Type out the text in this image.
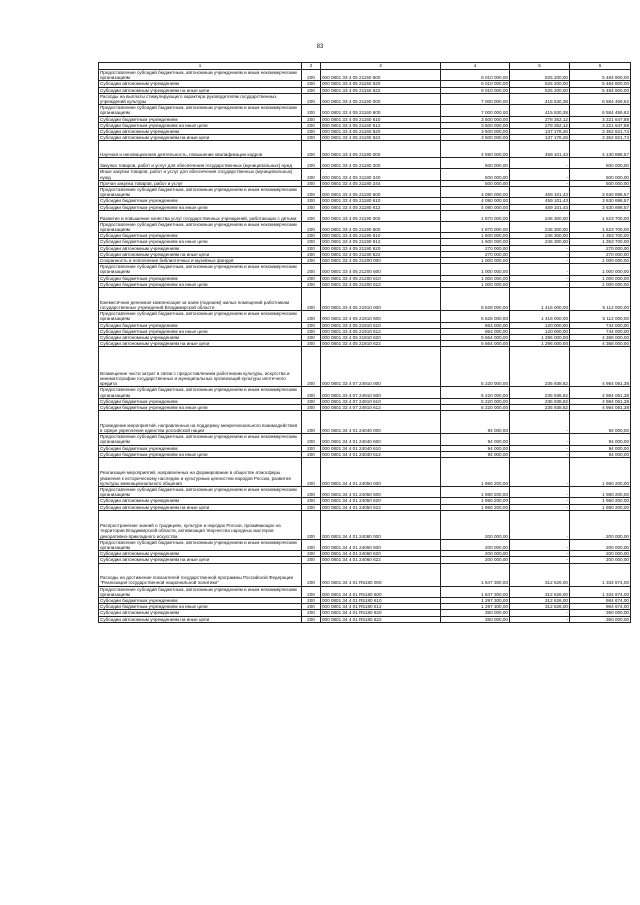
83
1	2	3	4	5	6
Предоставление субсидий бюджетным, автономным учреждениям и иным некоммерческим организациям	200	000 0801 33 4 05 21150 600	6 010 000,00	525 200,00	5 484 800,00
Субсидии автономным учреждениям	200	000 0801 33 4 05 21150 620	6 010 000,00	525 200,00	5 484 800,00
Субсидии автономным учреждениям на иные цели	200	000 0801 33 4 05 21150 622	6 010 000,00	525 200,00	5 484 800,00
Расходы на выплаты стимулирующего характера руководителям государственных учреждений культуры	200	000 0801 33 4 05 21160 000	7 000 000,00	415 530,38	6 584 469,62
Предоставление субсидий бюджетным, автономным учреждениям и иным некоммерческим организациям	200	000 0801 33 4 05 21160 600	7 000 000,00	415 530,38	6 584 469,62
Субсидии бюджетным учреждениям	200	000 0801 33 4 05 21160 610	3 500 000,00	278 352,12	3 221 647,88
Субсидии бюджетным учреждениям на иные цели	200	000 0801 33 4 05 21160 612	3 500 000,00	278 352,12	3 221 647,88
Субсидии автономным учреждениям	200	000 0801 33 4 05 21160 620	3 500 000,00	137 178,26	3 362 821,74
Субсидии автономным учреждениям на иные цели	200	000 0801 33 4 05 21160 622	3 500 000,00	137 178,26	3 362 821,74
Научная и инновационная деятельность, повышение квалификации кадров	200	000 0801 33 4 05 21180 000	4 590 000,00	459 101,43	4 130 898,57
Закупка товаров, работ и услуг для обеспечения государственных (муниципальных) нужд	200	000 0801 33 4 05 21180 200	500 000,00	-	500 000,00
Иные закупки товаров, работ и услуг для обеспечения государственных (муниципальных) нужд	200	000 0801 33 4 05 21180 240	500 000,00	-	500 000,00
Прочая закупка товаров, работ и услуг	200	000 0801 33 4 05 21180 244	500 000,00	-	500 000,00
Предоставление субсидий бюджетным, автономным учреждениям и иным некоммерческим организациям	200	000 0801 33 4 05 21180 600	4 090 000,00	459 101,43	3 630 898,57
Субсидии бюджетным учреждениям	200	000 0801 33 4 05 21180 610	4 090 000,00	459 101,43	3 630 898,57
Субсидии бюджетным учреждениям на иные цели	200	000 0801 33 4 05 21180 612	4 090 000,00	459 101,43	3 630 898,57
Развитие и повышение качества услуг государственных учреждений, работающих с детьми	200	000 0801 33 4 05 21190 000	1 870 000,00	246 300,00	1 623 700,00
Предоставление субсидий бюджетным, автономным учреждениям и иным некоммерческим организациям	200	000 0801 33 4 05 21190 600	1 870 000,00	246 300,00	1 623 700,00
Субсидии бюджетным учреждениям	200	000 0801 33 4 05 21190 610	1 600 000,00	246 300,00	1 353 700,00
Субсидии бюджетным учреждениям на иные цели	200	000 0801 33 4 05 21190 612	1 600 000,00	246 300,00	1 353 700,00
Субсидии автономным учреждениям	200	000 0801 33 4 05 21190 620	270 000,00	-	270 000,00
Субсидии автономным учреждениям на иные цели	200	000 0801 33 4 05 21190 622	270 000,00	-	270 000,00
Сохранность и пополнение библиотечных и музейных фондов	200	000 0801 33 4 05 21200 000	1 000 000,00	-	1 000 000,00
Предоставление субсидий бюджетным, автономным учреждениям и иным некоммерческим организациям	200	000 0801 33 4 05 21200 600	1 000 000,00	-	1 000 000,00
Субсидии бюджетным учреждениям	200	000 0801 33 4 05 21200 610	1 000 000,00	-	1 000 000,00
Субсидии бюджетным учреждениям на иные цели	200	000 0801 33 4 05 21200 612	1 000 000,00	-	1 000 000,00
Ежемесячная денежная компенсация за наем (поднаем) жилых помещений работникам государственных учреждений Владимирской области	200	000 0801 33 4 05 21910 000	6 528 000,00	1 416 000,00	5 112 000,00
Предоставление субсидий бюджетным, автономным учреждениям и иным некоммерческим организациям	200	000 0801 33 4 05 21910 600	6 528 000,00	1 416 000,00	5 112 000,00
Субсидии бюджетным учреждениям	200	000 0801 33 4 05 21910 610	864 000,00	120 000,00	744 000,00
Субсидии бюджетным учреждениям на иные цели	200	000 0801 33 4 05 21910 612	864 000,00	120 000,00	744 000,00
Субсидии автономным учреждениям	200	000 0801 33 4 05 21910 620	5 664 000,00	1 296 000,00	4 368 000,00
Субсидии автономным учреждениям на иные цели	200	000 0801 33 4 05 21910 622	5 664 000,00	1 296 000,00	4 368 000,00
Возмещение части затрат в связи с предоставлением работникам культуры, искусства и кинематографии государственных и муниципальных организаций культуры ипотечного кредита	200	000 0801 33 4 07 24910 000	5 220 000,00	235 938,62	4 984 061,38
Предоставление субсидий бюджетным, автономным учреждениям и иным некоммерческим организациям	200	000 0801 33 4 07 24910 600	5 220 000,00	235 938,62	4 984 061,38
Субсидии бюджетным учреждениям	200	000 0801 33 4 07 24910 610	5 220 000,00	235 938,62	4 984 061,38
Субсидии бюджетным учреждениям на иные цели	200	000 0801 33 4 07 24910 612	5 220 000,00	235 938,62	4 984 061,38
Проведение мероприятий, направленных на поддержку межрегионального взаимодействия в сфере укрепления единства российской нации	200	000 0801 34 4 01 24040 000	94 000,00	-	94 000,00
Предоставление субсидий бюджетным, автономным учреждениям и иным некоммерческим организациям	200	000 0801 34 4 01 24040 600	94 000,00	-	94 000,00
Субсидии бюджетным учреждениям	200	000 0801 34 4 01 24040 610	94 000,00	-	94 000,00
Субсидии бюджетным учреждениям на иные цели	200	000 0801 34 4 01 24040 612	94 000,00	-	94 000,00
Реализация мероприятий, направленных на формирование в обществе атмосферы уважения к историческому наследию и культурным ценностям народов России, развитие культуры межнационального общения	200	000 0801 34 4 01 24050 000	1 980 200,00	-	1 980 200,00
Предоставление субсидий бюджетным, автономным учреждениям и иным некоммерческим организациям	200	000 0801 34 4 01 24050 600	1 980 200,00	-	1 980 200,00
Субсидии автономным учреждениям	200	000 0801 34 4 01 24050 620	1 980 200,00	-	1 980 200,00
Субсидии автономным учреждениям на иные цели	200	000 0801 34 4 01 24050 622	1 980 200,00	-	1 980 200,00
Распространение знаний о традициях, культуре и народах России, проживающих на территории Владимирской области, активизация творчества народных мастеров декоративно-прикладного искусства	200	000 0801 34 4 01 24060 000	200 000,00	-	200 000,00
Предоставление субсидий бюджетным, автономным учреждениям и иным некоммерческим организациям	200	000 0801 34 4 01 24060 600	200 000,00	-	200 000,00
Субсидии автономным учреждениям	200	000 0801 34 4 01 24060 620	200 000,00	-	200 000,00
Субсидии автономным учреждениям на иные цели	200	000 0801 34 4 01 24060 622	200 000,00	-	200 000,00
Расходы на достижение показателей государственной программы Российской Федерации "Реализация государственной национальной политики"	200	000 0801 34 4 01 R5180 000	1 647 300,00	312 626,00	1 334 674,00
Предоставление субсидий бюджетным, автономным учреждениям и иным некоммерческим организациям	200	000 0801 34 4 01 R5180 600	1 647 300,00	312 626,00	1 334 674,00
Субсидии бюджетным учреждениям	200	000 0801 34 4 01 R5180 610	1 297 300,00	312 626,00	984 674,00
Субсидии бюджетным учреждениям на иные цели	200	000 0801 34 4 01 R5180 612	1 297 300,00	312 626,00	984 674,00
Субсидии автономным учреждениям	200	000 0801 34 4 01 R5180 620	350 000,00	-	350 000,00
Субсидии автономным учреждениям на иные цели	200	000 0801 34 4 01 R5180 622	350 000,00	-	350 000,00
